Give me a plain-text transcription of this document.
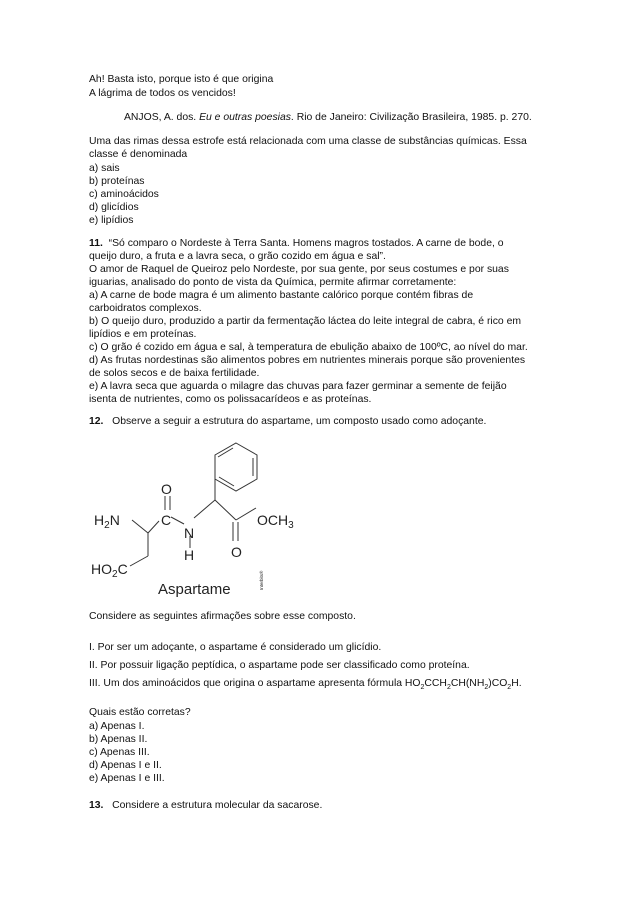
Ah! Basta isto, porque isto é que origina
A lágrima de todos os vencidos!
ANJOS, A. dos. Eu e outras poesias. Rio de Janeiro: Civilização Brasileira, 1985. p. 270.
Uma das rimas dessa estrofe está relacionada com uma classe de substâncias químicas. Essa
classe é denominada
a) sais
b) proteínas
c) aminoácidos
d) glicídios
e) lipídios
11. “Só comparo o Nordeste à Terra Santa. Homens magros tostados. A carne de bode, o
queijo duro, a fruta e a lavra seca, o grão cozido em água e sal”.
O amor de Raquel de Queiroz pelo Nordeste, por sua gente, por seus costumes e por suas
iguarias, analisado do ponto de vista da Química, permite afirmar corretamente:
a) A carne de bode magra é um alimento bastante calórico porque contém fibras de
carboidratos complexos.
b) O queijo duro, produzido a partir da fermentação láctea do leite integral de cabra, é rico em
lipídios e em proteínas.
c) O grão é cozido em água e sal, à temperatura de ebulição abaixo de 100ºC, ao nível do mar.
d) As frutas nordestinas são alimentos pobres em nutrientes minerais porque são provenientes
de solos secos e de baixa fertilidade.
e) A lavra seca que aguarda o milagre das chuvas para fazer germinar a semente de feijão
isenta de nutrientes, como os polissacarídeos e as proteínas.
12. Observe a seguir a estrutura do aspartame, um composto usado como adoçante.
$H_2N$	C
O
N
H
$OCH_3$
O
$HO_2C$
Aspartame	Interbits®
Considere as seguintes afirmações sobre esse composto.
I. Por ser um adoçante, o aspartame é considerado um glicídio.
II. Por possuir ligação peptídica, o aspartame pode ser classificado como proteína.
III. Um dos aminoácidos que origina o aspartame apresenta fórmula $HO_2CCH_2CH(NH_2)CO_2H$.
Quais estão corretas?
a) Apenas I.
b) Apenas II.
c) Apenas III.
d) Apenas I e II.
e) Apenas I e III.
13. Considere a estrutura molecular da sacarose.
